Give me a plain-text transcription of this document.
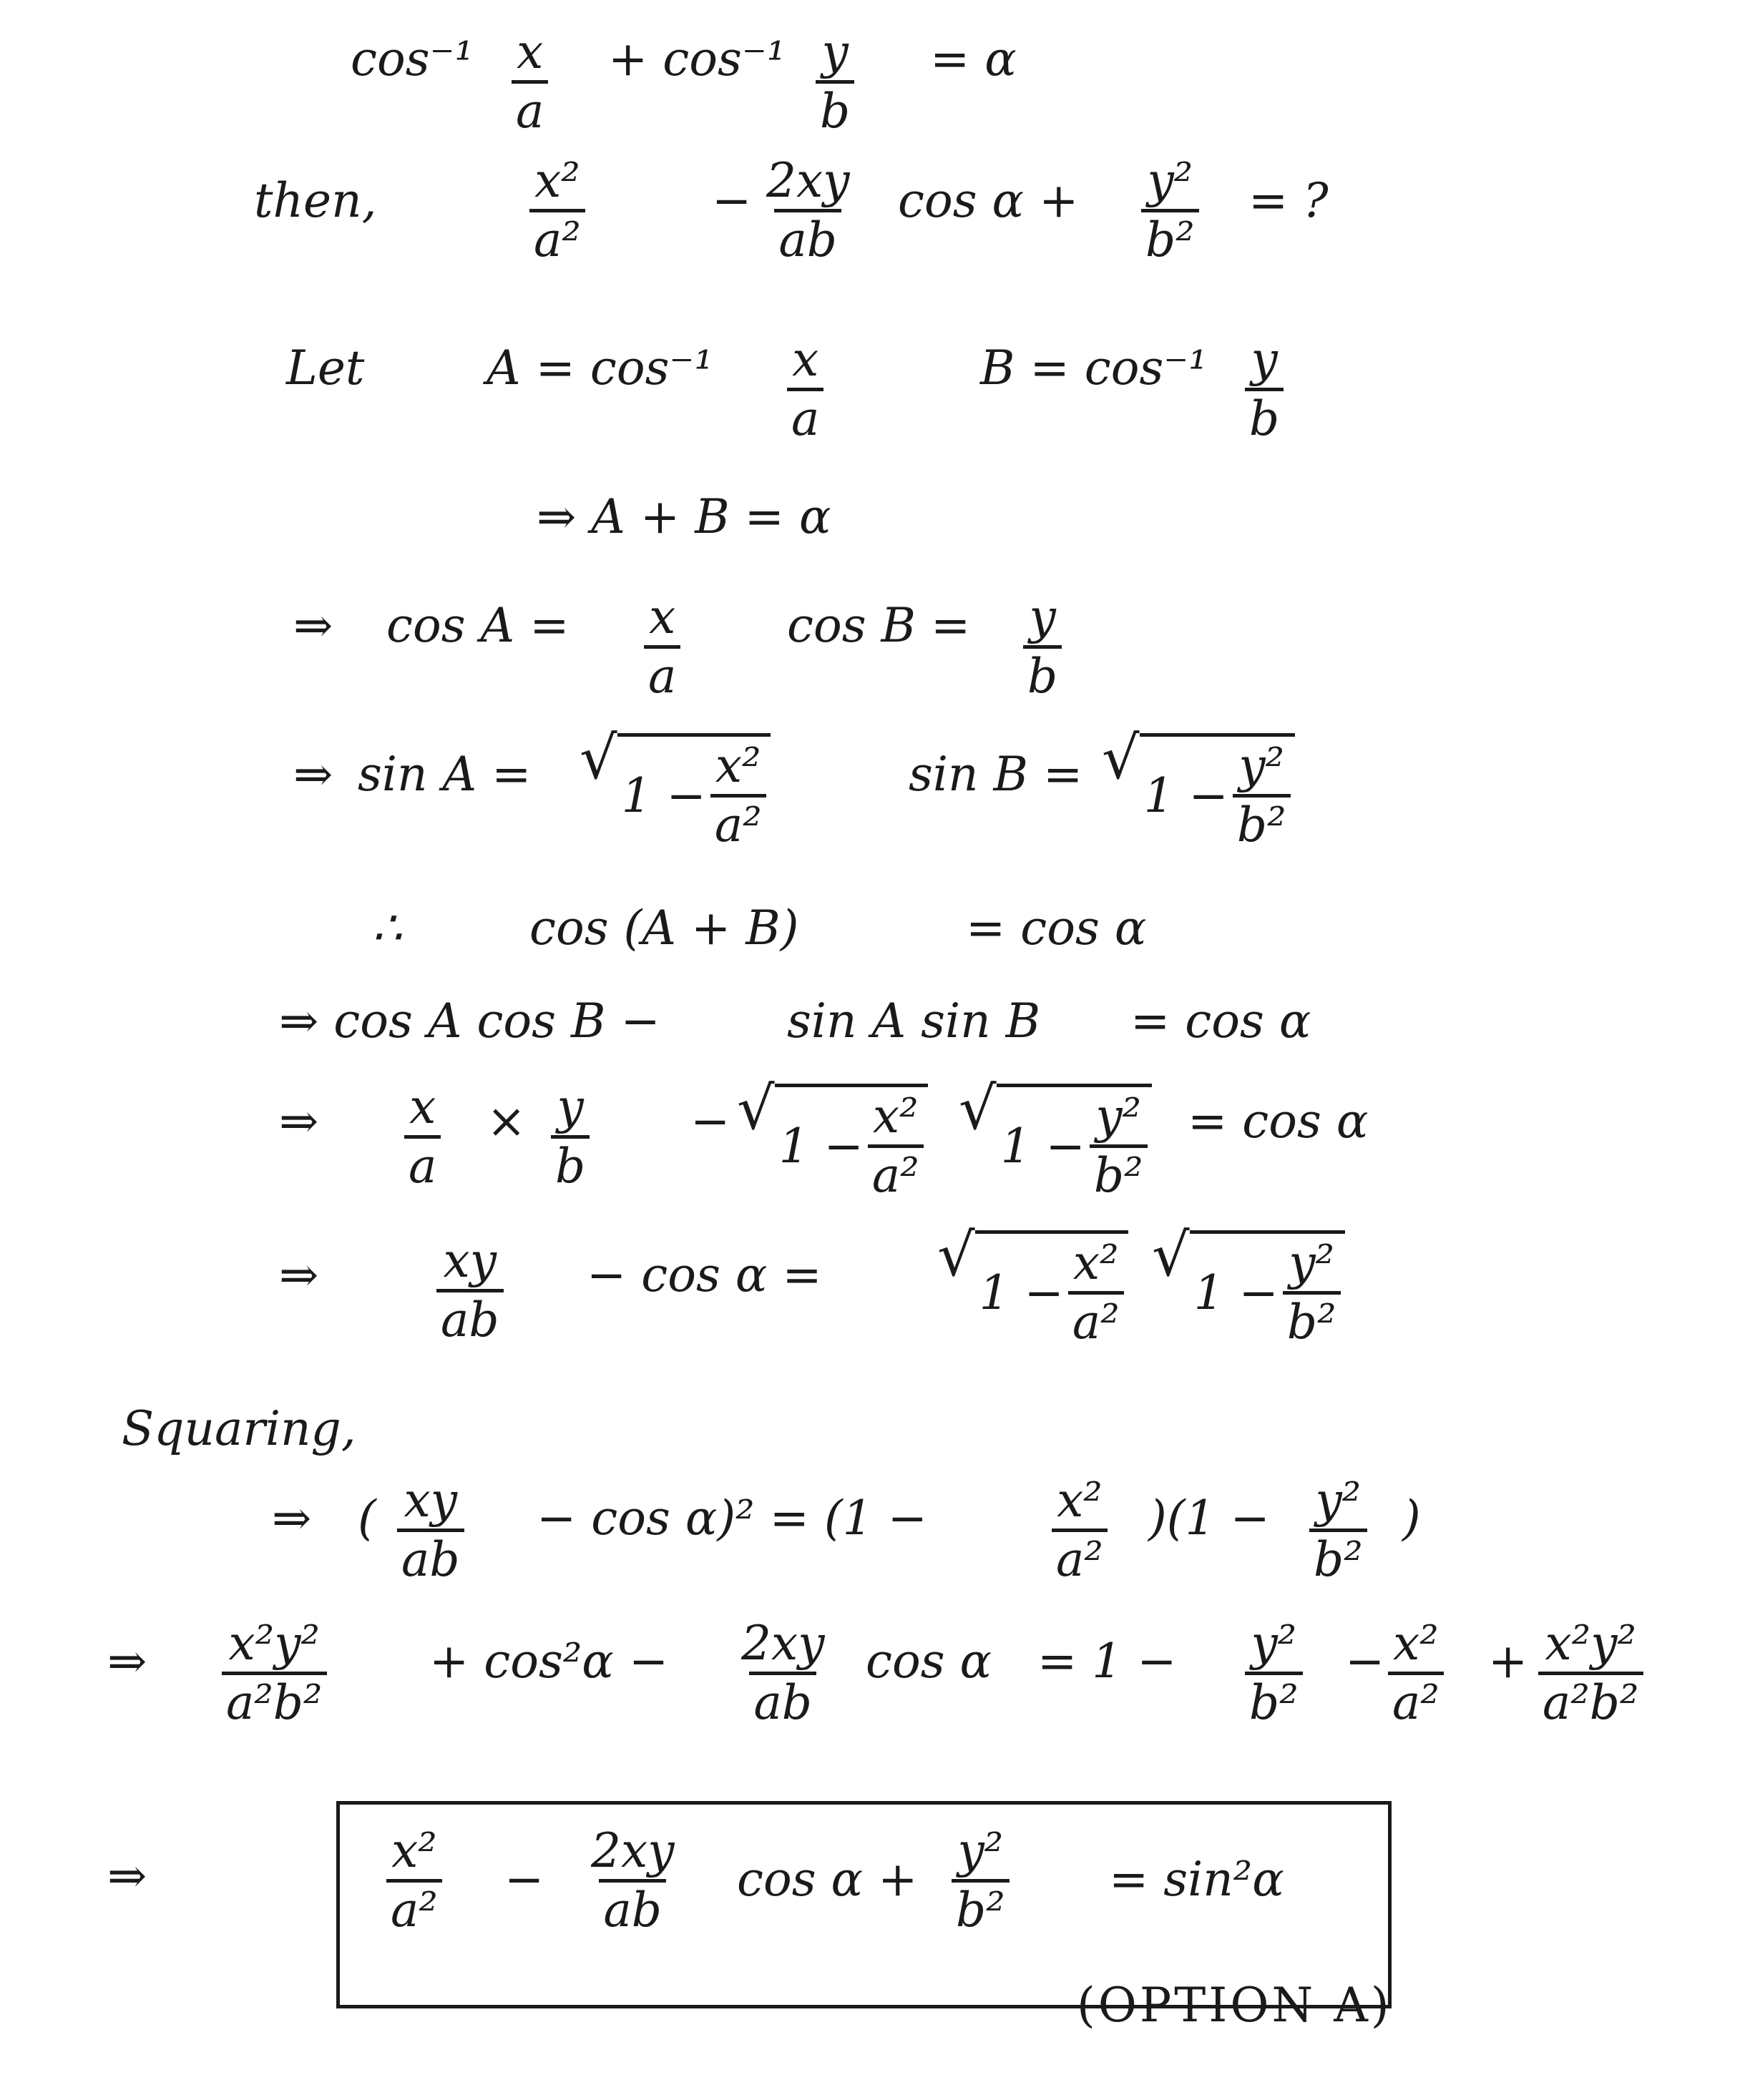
$\cos^{-1} \frac{x}{a} + \cos^{-1} \frac{y}{b} = \alpha$
then,	$\frac{\text{x²}}{\text{a²}}$	− $\frac{2xy}{ab}$ $\cos \alpha + \frac{\text{y²}}{\text{b²}}$ = ?
Let	$A = \cos^{-1} \frac{x}{a}$	$B = \cos^{-1} \frac{y}{b}$
⇒ A + B = α
⇒ $\cos A = \frac{x}{a}$ $\cos B = \frac{y}{b}$
⇒ sin A = √
$1 - \frac{\text{x²}}{\text{a²}}$	sin B = √
$1 - \frac{\text{y²}}{\text{b²}}$
∴	cos (A + B)	= cos α
⇒ cos A cos B −	sin A sin B = cos α
⇒ $\frac{x}{a} \times \frac{y}{b}$ − √
$1 - \frac{\text{x²}}{\text{a²}}$ √
$1 - \frac{\text{y²}}{\text{b²}} = \cos \alpha$
⇒ $\frac{xy}{ab} - \cos \alpha$ = √
$1 - \frac{\text{x²}}{\text{a²}}$ √
$1 - \frac{\text{y²}}{\text{b²}}$
Squaring,
⇒ ( $\frac{xy}{ab} - \cos \alpha)^2 = (1$ −	$\frac{\text{x²}}{\text{a²}} )(1 - \frac{\text{y²}}{\text{b²}}$ )
⇒ $\frac{\text{x²y²}}{\text{a²b²}} + \cos^2\alpha - \frac{2xy}{ab}$ $\cos \alpha = 1 - \frac{\text{y²}}{\text{b²}} - \frac{\text{x²}}{\text{a²}} + \frac{\text{x²y²}}{\text{a²b²}}$
⇒	$\frac{\text{x²}}{\text{a²}} - \frac{2xy}{ab}$ $\cos \alpha + \frac{\text{y²}}{\text{b²}} = \sin^2\alpha$
(OPTION A)
